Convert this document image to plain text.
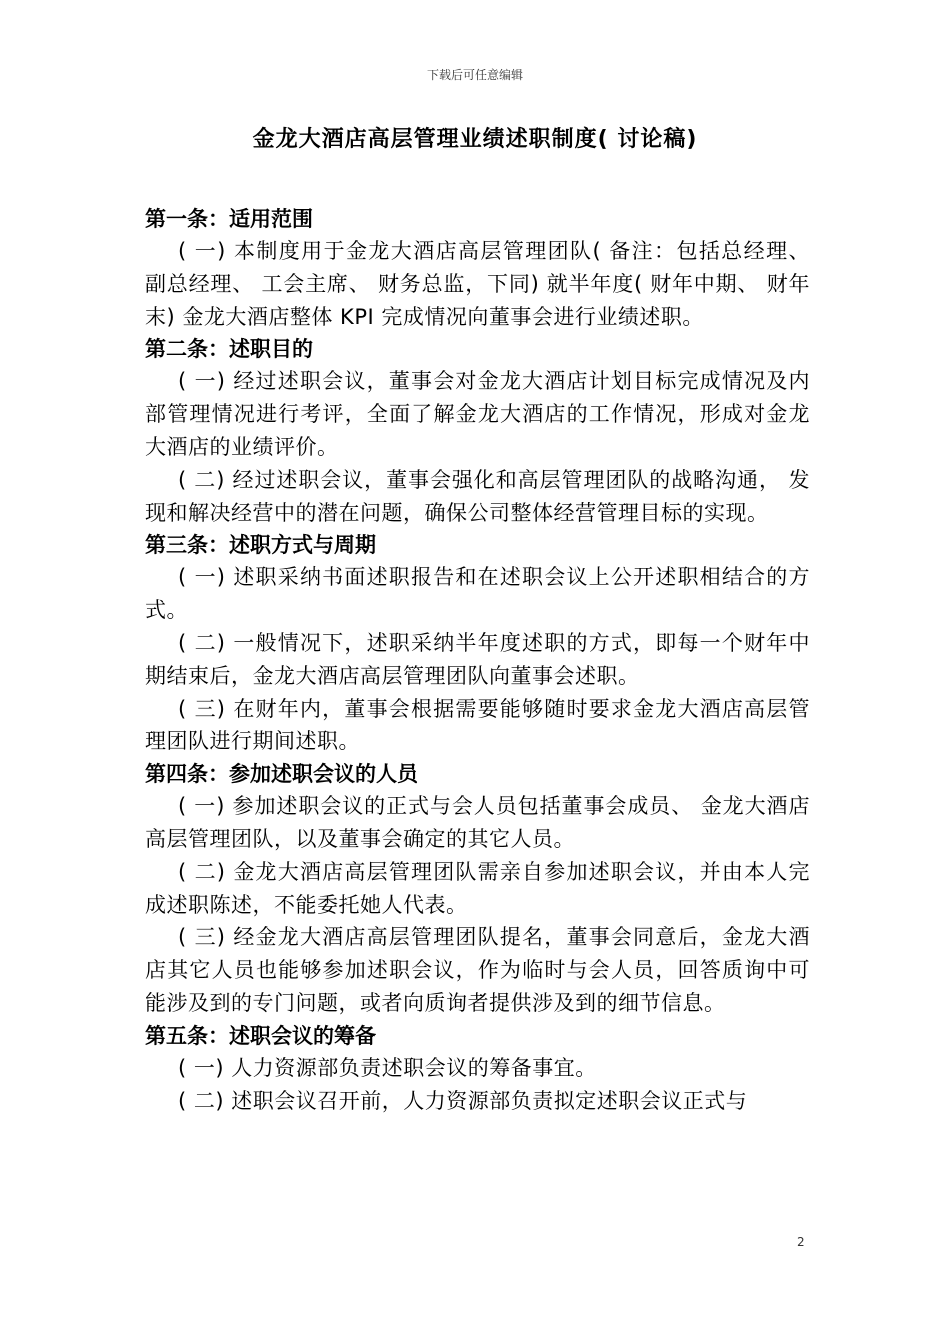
下载后可任意编辑
金龙大酒店高层管理业绩述职制度( 讨论稿)
第一条：适用范围
( 一) 本制度用于金龙大酒店高层管理团队( 备注：包括总经理、 副总经理、 工会主席、 财务总监，下同) 就半年度( 财年中期、 财年末) 金龙大酒店整体 KPI 完成情况向董事会进行业绩述职。
第二条：述职目的
( 一) 经过述职会议，董事会对金龙大酒店计划目标完成情况及内部管理情况进行考评，全面了解金龙大酒店的工作情况，形成对金龙大酒店的业绩评价。
( 二) 经过述职会议，董事会强化和高层管理团队的战略沟通， 发现和解决经营中的潜在问题，确保公司整体经营管理目标的实现。
第三条：述职方式与周期
( 一) 述职采纳书面述职报告和在述职会议上公开述职相结合的方式。
( 二) 一般情况下，述职采纳半年度述职的方式，即每一个财年中期结束后，金龙大酒店高层管理团队向董事会述职。
( 三) 在财年内，董事会根据需要能够随时要求金龙大酒店高层管理团队进行期间述职。
第四条：参加述职会议的人员
( 一) 参加述职会议的正式与会人员包括董事会成员、 金龙大酒店高层管理团队，以及董事会确定的其它人员。
( 二) 金龙大酒店高层管理团队需亲自参加述职会议，并由本人完成述职陈述，不能委托她人代表。
( 三) 经金龙大酒店高层管理团队提名，董事会同意后，金龙大酒店其它人员也能够参加述职会议，作为临时与会人员，回答质询中可能涉及到的专门问题，或者向质询者提供涉及到的细节信息。
第五条：述职会议的筹备
( 一) 人力资源部负责述职会议的筹备事宜。
( 二) 述职会议召开前，人力资源部负责拟定述职会议正式与
2
